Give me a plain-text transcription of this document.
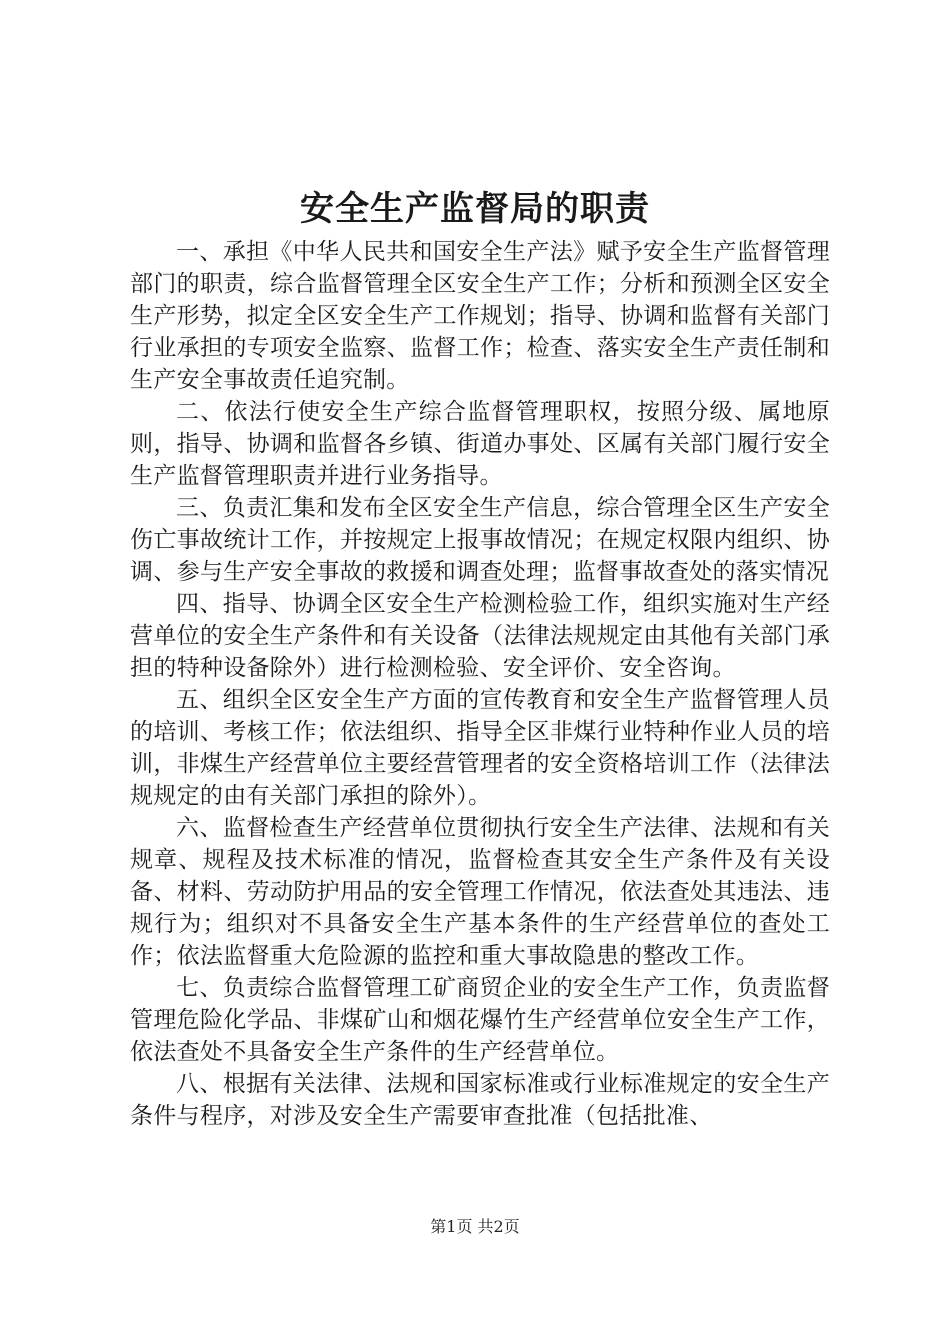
安全生产监督局的职责

一、承担《中华人民共和国安全生产法》赋予安全生产监督管理部门的职责，综合监督管理全区安全生产工作；分析和预测全区安全生产形势，拟定全区安全生产工作规划；指导、协调和监督有关部门行业承担的专项安全监察、监督工作；检查、落实安全生产责任制和生产安全事故责任追究制。

二、依法行使安全生产综合监督管理职权，按照分级、属地原则，指导、协调和监督各乡镇、街道办事处、区属有关部门履行安全生产监督管理职责并进行业务指导。

三、负责汇集和发布全区安全生产信息，综合管理全区生产安全伤亡事故统计工作，并按规定上报事故情况；在规定权限内组织、协调、参与生产安全事故的救援和调查处理；监督事故查处的落实情况

四、指导、协调全区安全生产检测检验工作，组织实施对生产经营单位的安全生产条件和有关设备（法律法规规定由其他有关部门承担的特种设备除外）进行检测检验、安全评价、安全咨询。

五、组织全区安全生产方面的宣传教育和安全生产监督管理人员的培训、考核工作；依法组织、指导全区非煤行业特种作业人员的培训，非煤生产经营单位主要经营管理者的安全资格培训工作（法律法规规定的由有关部门承担的除外）。

六、监督检查生产经营单位贯彻执行安全生产法律、法规和有关规章、规程及技术标准的情况，监督检查其安全生产条件及有关设备、材料、劳动防护用品的安全管理工作情况，依法查处其违法、违规行为；组织对不具备安全生产基本条件的生产经营单位的查处工作；依法监督重大危险源的监控和重大事故隐患的整改工作。

七、负责综合监督管理工矿商贸企业的安全生产工作，负责监督管理危险化学品、非煤矿山和烟花爆竹生产经营单位安全生产工作，依法查处不具备安全生产条件的生产经营单位。

八、根据有关法律、法规和国家标准或行业标准规定的安全生产条件与程序，对涉及安全生产需要审查批准（包括批准、

第1页 共2页
